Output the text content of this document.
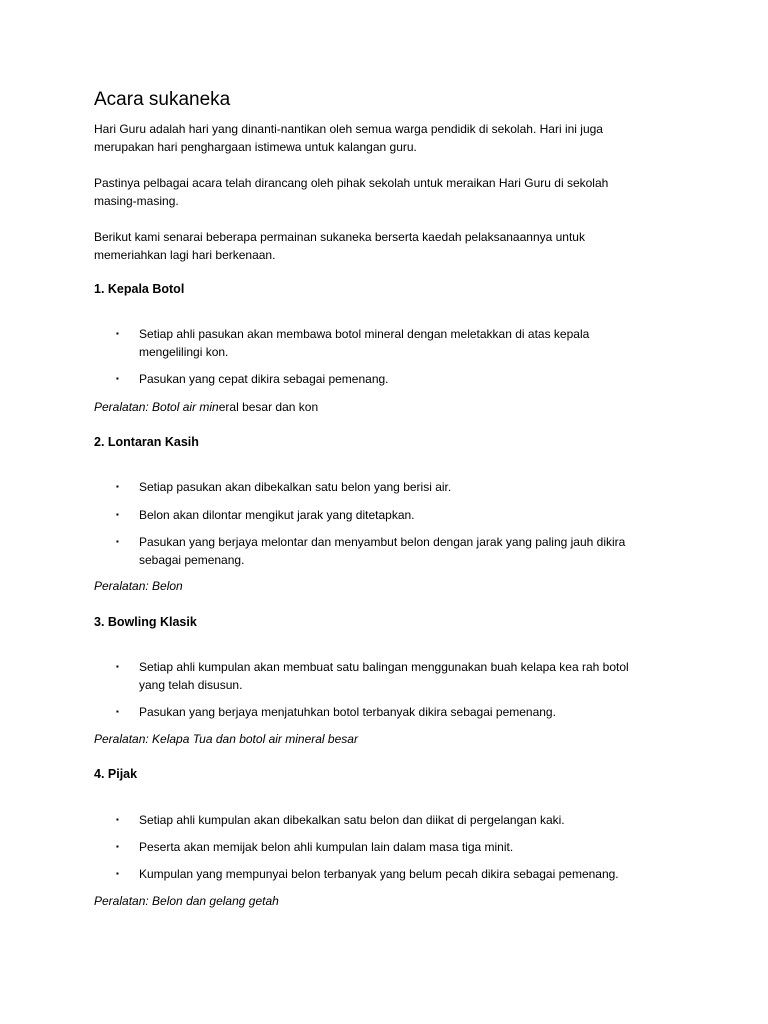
Acara sukaneka
Hari Guru adalah hari yang dinanti-nantikan oleh semua warga pendidik di sekolah. Hari ini juga
merupakan hari penghargaan istimewa untuk kalangan guru.
Pastinya pelbagai acara telah dirancang oleh pihak sekolah untuk meraikan Hari Guru di sekolah
masing-masing.
Berikut kami senarai beberapa permainan sukaneka berserta kaedah pelaksanaannya untuk
memeriahkan lagi hari berkenaan.
1. Kepala Botol
▪ Setiap ahli pasukan akan membawa botol mineral dengan meletakkan di atas kepala
mengelilingi kon.
▪ Pasukan yang cepat dikira sebagai pemenang.
Peralatan: Botol air mineral besar dan kon
2. Lontaran Kasih
▪ Setiap pasukan akan dibekalkan satu belon yang berisi air.
▪ Belon akan dilontar mengikut jarak yang ditetapkan.
▪ Pasukan yang berjaya melontar dan menyambut belon dengan jarak yang paling jauh dikira
sebagai pemenang.
Peralatan: Belon
3. Bowling Klasik
▪ Setiap ahli kumpulan akan membuat satu balingan menggunakan buah kelapa kea rah botol
yang telah disusun.
▪ Pasukan yang berjaya menjatuhkan botol terbanyak dikira sebagai pemenang.
Peralatan: Kelapa Tua dan botol air mineral besar
4. Pijak
▪ Setiap ahli kumpulan akan dibekalkan satu belon dan diikat di pergelangan kaki.
▪ Peserta akan memijak belon ahli kumpulan lain dalam masa tiga minit.
▪ Kumpulan yang mempunyai belon terbanyak yang belum pecah dikira sebagai pemenang.
Peralatan: Belon dan gelang getah
